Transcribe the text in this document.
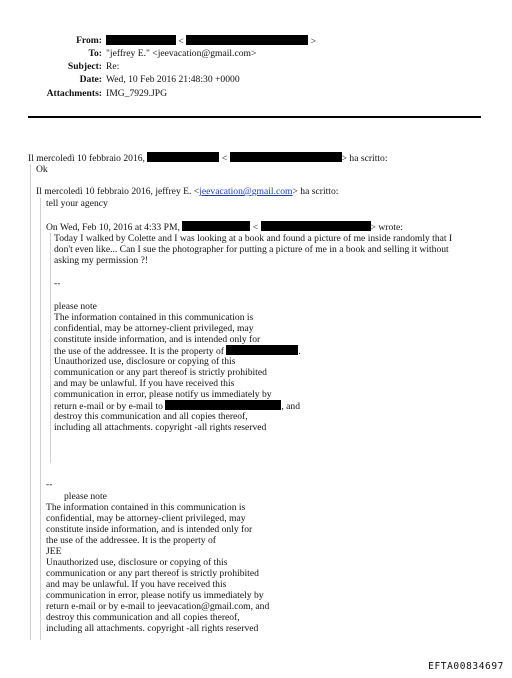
From:	<	>
To: "jeffrey E." <jeevacation@gmail.com>
Subject: Re:
Date: Wed, 10 Feb 2016 21:48:30 +0000
Attachments: IMG_7929.JPG
Il mercoledì 10 febbraio 2016,	<	> ha scritto:
Ok
Il mercoledì 10 febbraio 2016, jeffrey E. <jeevacation@gmail.com> ha scritto:
tell your agency
On Wed, Feb 10, 2016 at 4:33 PM,	<	> wrote:
Today I walked by Colette and I was looking at a book and found a picture of me inside randomly that I
don't even like... Can I sue the photographer for putting a picture of me in a book and selling it without
asking my permission ?!
--
please note
The information contained in this communication is
confidential, may be attorney-client privileged, may
constitute inside information, and is intended only for
the use of the addressee. It is the property of	.
Unauthorized use, disclosure or copying of this
communication or any part thereof is strictly prohibited
and may be unlawful. If you have received this
communication in error, please notify us immediately by
return e-mail or by e-mail to	, and
destroy this communication and all copies thereof,
including all attachments. copyright -all rights reserved
--
please note
The information contained in this communication is
confidential, may be attorney-client privileged, may
constitute inside information, and is intended only for
the use of the addressee. It is the property of
JEE
Unauthorized use, disclosure or copying of this
communication or any part thereof is strictly prohibited
and may be unlawful. If you have received this
communication in error, please notify us immediately by
return e-mail or by e-mail to jeevacation@gmail.com, and
destroy this communication and all copies thereof,
including all attachments. copyright -all rights reserved
EFTA00834697
